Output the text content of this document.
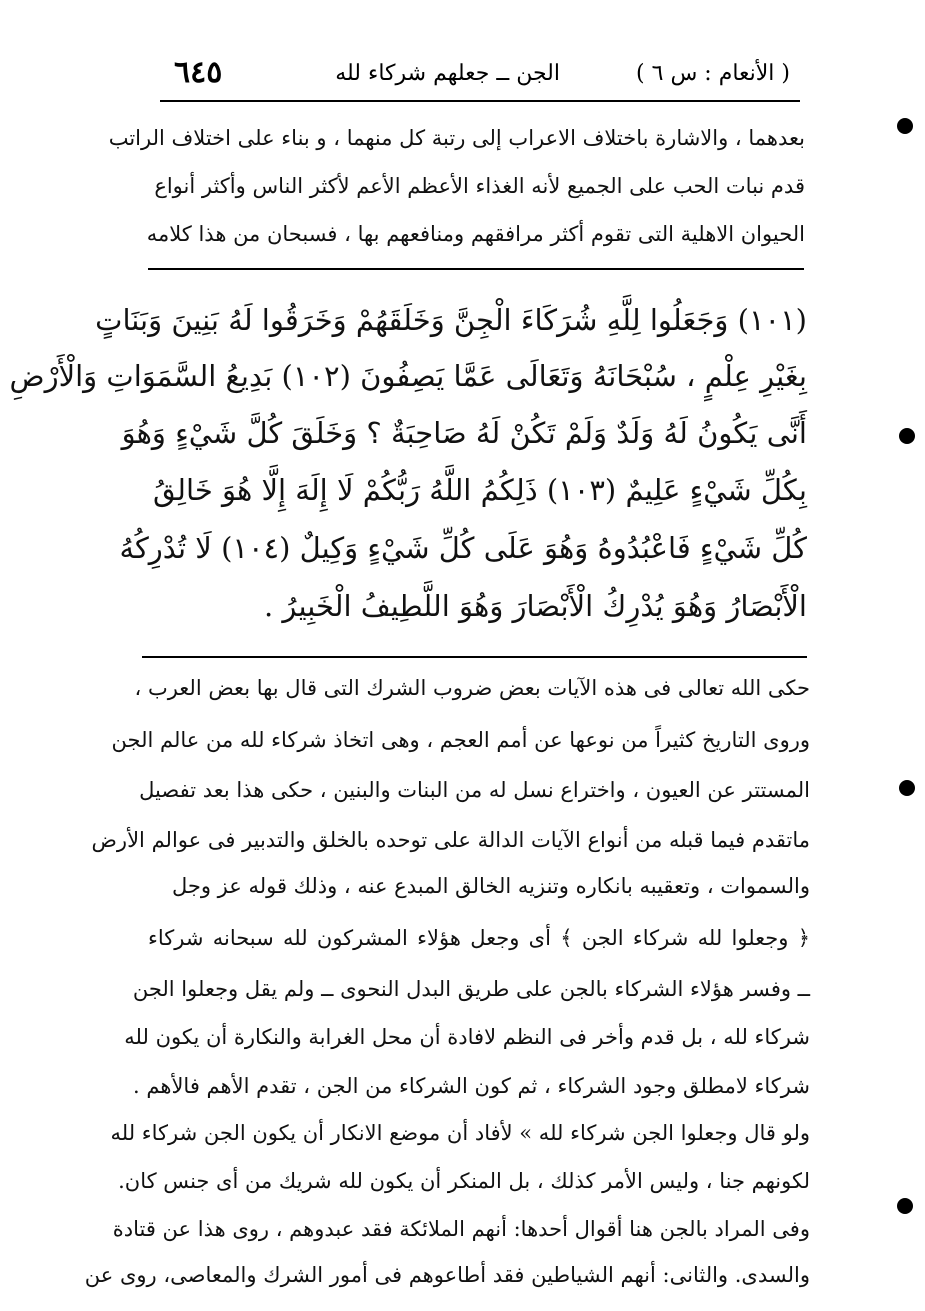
( الأنعام : س ٦ )
الجن ــ جعلهم شركاء لله
٦٤٥
بعدهما ، والاشارة باختلاف الاعراب إلى رتبة كل منهما ، و بناء على اختلاف الراتب
قدم نبات الحب على الجميع لأنه الغذاء الأعظم الأعم لأكثر الناس وأكثر أنواع
الحيوان الاهلية التى تقوم أكثر مرافقهم ومنافعهم بها ، فسبحان من هذا كلامه
(١٠١) وَجَعَلُوا لِلَّهِ شُرَكَاءَ الْجِنَّ وَخَلَقَهُمْ وَخَرَقُوا لَهُ بَنِينَ وَبَنَاتٍ
بِغَيْرِ عِلْمٍ ، سُبْحَانَهُ وَتَعَالَى عَمَّا يَصِفُونَ (١٠٢) بَدِيعُ السَّمَوَاتِ وَالْأَرْضِ
أَنَّى يَكُونُ لَهُ وَلَدٌ وَلَمْ تَكُنْ لَهُ صَاحِبَةٌ ؟ وَخَلَقَ كُلَّ شَيْءٍ وَهُوَ
بِكُلِّ شَيْءٍ عَلِيمٌ (١٠٣) ذَلِكُمُ اللَّهُ رَبُّكُمْ لَا إِلَهَ إِلَّا هُوَ خَالِقُ
كُلِّ شَيْءٍ فَاعْبُدُوهُ وَهُوَ عَلَى كُلِّ شَيْءٍ وَكِيلٌ (١٠٤) لَا تُدْرِكُهُ
الْأَبْصَارُ وَهُوَ يُدْرِكُ الْأَبْصَارَ وَهُوَ اللَّطِيفُ الْخَبِيرُ .
حكى الله تعالى فى هذه الآيات بعض ضروب الشرك التى قال بها بعض العرب ،
وروى التاريخ كثيراً من نوعها عن أمم العجم ، وهى اتخاذ شركاء لله من عالم الجن
المستتر عن العيون ، واختراع نسل له من البنات والبنين ، حكى هذا بعد تفصيل
ماتقدم فيما قبله من أنواع الآيات الدالة على توحده بالخلق والتدبير فى عوالم الأرض
والسموات ، وتعقيبه بانكاره وتنزيه الخالق المبدع عنه ، وذلك قوله عز وجل
﴿ وجعلوا لله شركاء الجن ﴾ أى وجعل هؤلاء المشركون لله سبحانه شركاء
ــ وفسر هؤلاء الشركاء بالجن على طريق البدل النحوى ــ ولم يقل وجعلوا الجن
شركاء لله ، بل قدم وأخر فى النظم لافادة أن محل الغرابة والنكارة أن يكون لله
شركاء لامطلق وجود الشركاء ، ثم كون الشركاء من الجن ، تقدم الأهم فالأهم .
ولو قال وجعلوا الجن شركاء لله » لأفاد أن موضع الانكار أن يكون الجن شركاء لله
لكونهم جنا ، وليس الأمر كذلك ، بل المنكر أن يكون لله شريك من أى جنس كان.
وفى المراد بالجن هنا أقوال أحدها: أنهم الملائكة فقد عبدوهم ، روى هذا عن قتادة
والسدى. والثانى: أنهم الشياطين فقد أطاعوهم فى أمور الشرك والمعاصى، روى عن
